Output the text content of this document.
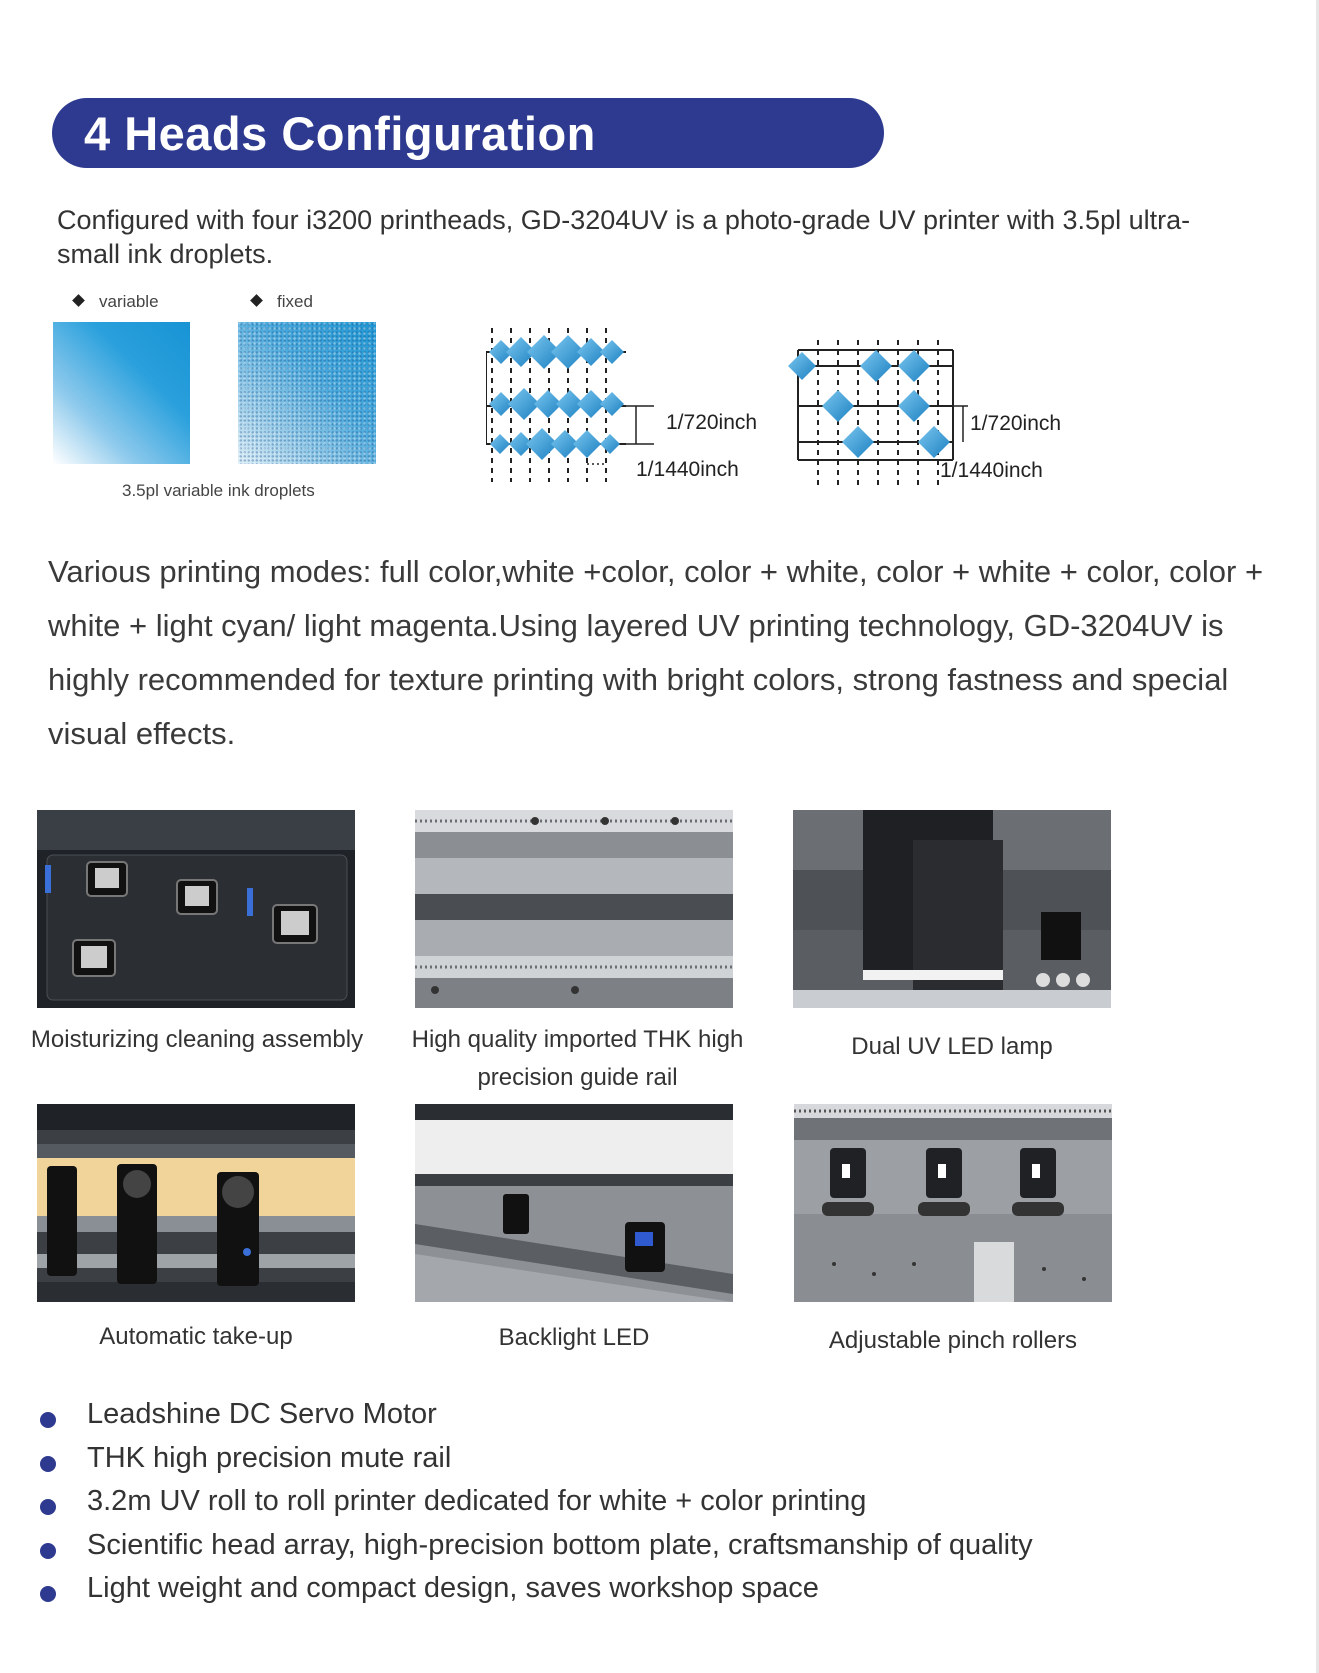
4 Heads Configuration
Configured with four i3200 printheads, GD-3204UV is a photo-grade UV printer with 3.5pl ultra-small ink droplets.
variable	fixed
3.5pl variable ink droplets
1/720inch
1/1440inch
1/720inch
1/1440inch
Various printing modes: full color,white +color, color + white, color + white + color, color + white + light cyan/ light magenta.Using layered UV printing technology, GD-3204UV is highly recommended for texture printing with bright colors, strong fastness and special visual effects.
Moisturizing cleaning assembly	High quality imported THK high precision guide rail
Dual UV LED lamp
Automatic take-up	Backlight LED	Adjustable pinch rollers
Leadshine DC Servo Motor
THK high precision mute rail
3.2m UV roll to roll printer dedicated for white + color printing
Scientific head array, high-precision bottom plate, craftsmanship of quality
Light weight and compact design, saves workshop space
